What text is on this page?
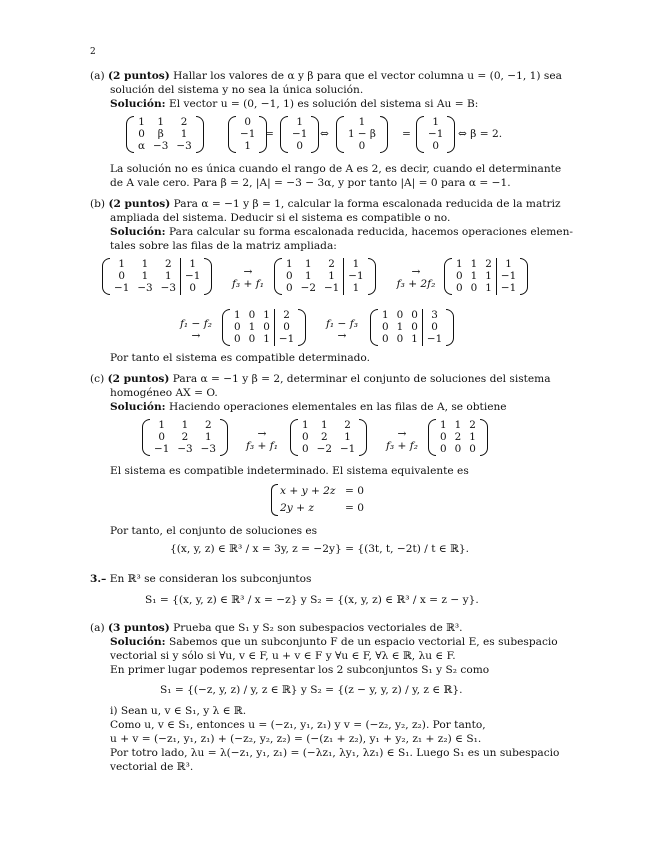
2
(a) (2 puntos) Hallar los valores de α y β para que el vector columna u = (0, −1, 1) sea
solución del sistema y no sea la única solución.
Solución: El vector u = (0, −1, 1) es solución del sistema si Au = B:
1	1	2
0	β	1
α	−3	−3
0
−1
1
=
1
−1
0
⇔
1
1 − β
0
=
1
−1
0
⇔ β = 2.
La solución no es única cuando el rango de A es 2, es decir, cuando el determinante
de A vale cero. Para β = 2, |A| = −3 − 3α, y por tanto |A| = 0 para α = −1.
(b) (2 puntos) Para α = −1 y β = 1, calcular la forma escalonada reducida de la matriz
ampliada del sistema. Deducir si el sistema es compatible o no.
Solución: Para calcular su forma escalonada reducida, hacemos operaciones elemen-
tales sobre las filas de la matriz ampliada:
1	1	2	1
0	1	1	−1
−1	−3	−3	0
→
f₃ + f₁
1	1	2	1
0	1	1	−1
0	−2	−1	1
→
f₃ + 2f₂
1	1	2	1
0	1	1	−1
0	0	1	−1
f₁ − f₂
→
1	0	1	2
0	1	0	0
0	0	1	−1
f₁ − f₃
→
1	0	0	3
0	1	0	0
0	0	1	−1
Por tanto el sistema es compatible determinado.
(c) (2 puntos) Para α = −1 y β = 2, determinar el conjunto de soluciones del sistema
homogéneo AX = O.
Solución: Haciendo operaciones elementales en las filas de A, se obtiene
1	1	2
0	2	1
−1	−3	−3
→
f₃ + f₁
1	1	2
0	2	1
0	−2	−1
→
f₃ + f₂
1	1	2
0	2	1
0	0	0
El sistema es compatible indeterminado. El sistema equivalente es
x + y + 2z = 0
2y + z	= 0
Por tanto, el conjunto de soluciones es
{(x, y, z) ∈ ℝ³ / x = 3y, z = −2y} = {(3t, t, −2t) / t ∈ ℝ}.
3.– En ℝ³ se consideran los subconjuntos
S₁ = {(x, y, z) ∈ ℝ³ / x = −z} y S₂ = {(x, y, z) ∈ ℝ³ / x = z − y}.
(a) (3 puntos) Prueba que S₁ y S₂ son subespacios vectoriales de ℝ³.
Solución: Sabemos que un subconjunto F de un espacio vectorial E, es subespacio
vectorial si y sólo si ∀u, v ∈ F, u + v ∈ F y ∀u ∈ F, ∀λ ∈ ℝ, λu ∈ F.
En primer lugar podemos representar los 2 subconjuntos S₁ y S₂ como
S₁ = {(−z, y, z) / y, z ∈ ℝ} y S₂ = {(z − y, y, z) / y, z ∈ ℝ}.
i) Sean u, v ∈ S₁, y λ ∈ ℝ.
Como u, v ∈ S₁, entonces u = (−z₁, y₁, z₁) y v = (−z₂, y₂, z₂). Por tanto,
u + v = (−z₁, y₁, z₁) + (−z₂, y₂, z₂) = (−(z₁ + z₂), y₁ + y₂, z₁ + z₂) ∈ S₁.
Por totro lado, λu = λ(−z₁, y₁, z₁) = (−λz₁, λy₁, λz₁) ∈ S₁. Luego S₁ es un subespacio
vectorial de ℝ³.
